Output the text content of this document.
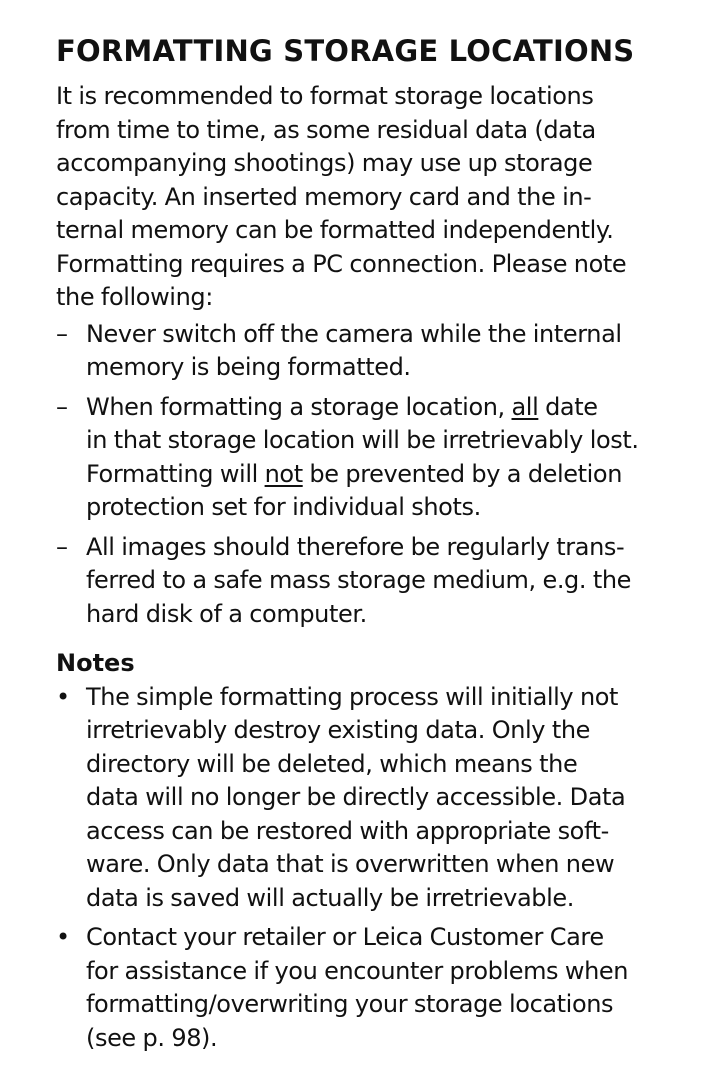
FORMATTING STORAGE LOCATIONS
It is recommended to format storage locations
from time to time, as some residual data (data
accompanying shootings) may use up storage
capacity. An inserted memory card and the in-
ternal memory can be formatted independently.
Formatting requires a PC connection. Please note
the following:
– Never switch off the camera while the internal
memory is being formatted.
– When formatting a storage location, all date
in that storage location will be irretrievably lost.
Formatting will not be prevented by a deletion
protection set for individual shots.
– All images should therefore be regularly trans-
ferred to a safe mass storage medium, e.g. the
hard disk of a computer.
Notes
• The simple formatting process will initially not
irretrievably destroy existing data. Only the
directory will be deleted, which means the
data will no longer be directly accessible. Data
access can be restored with appropriate soft-
ware. Only data that is overwritten when new
data is saved will actually be irretrievable.
• Contact your retailer or Leica Customer Care
for assistance if you encounter problems when
formatting/overwriting your storage locations
(see p. 98).
